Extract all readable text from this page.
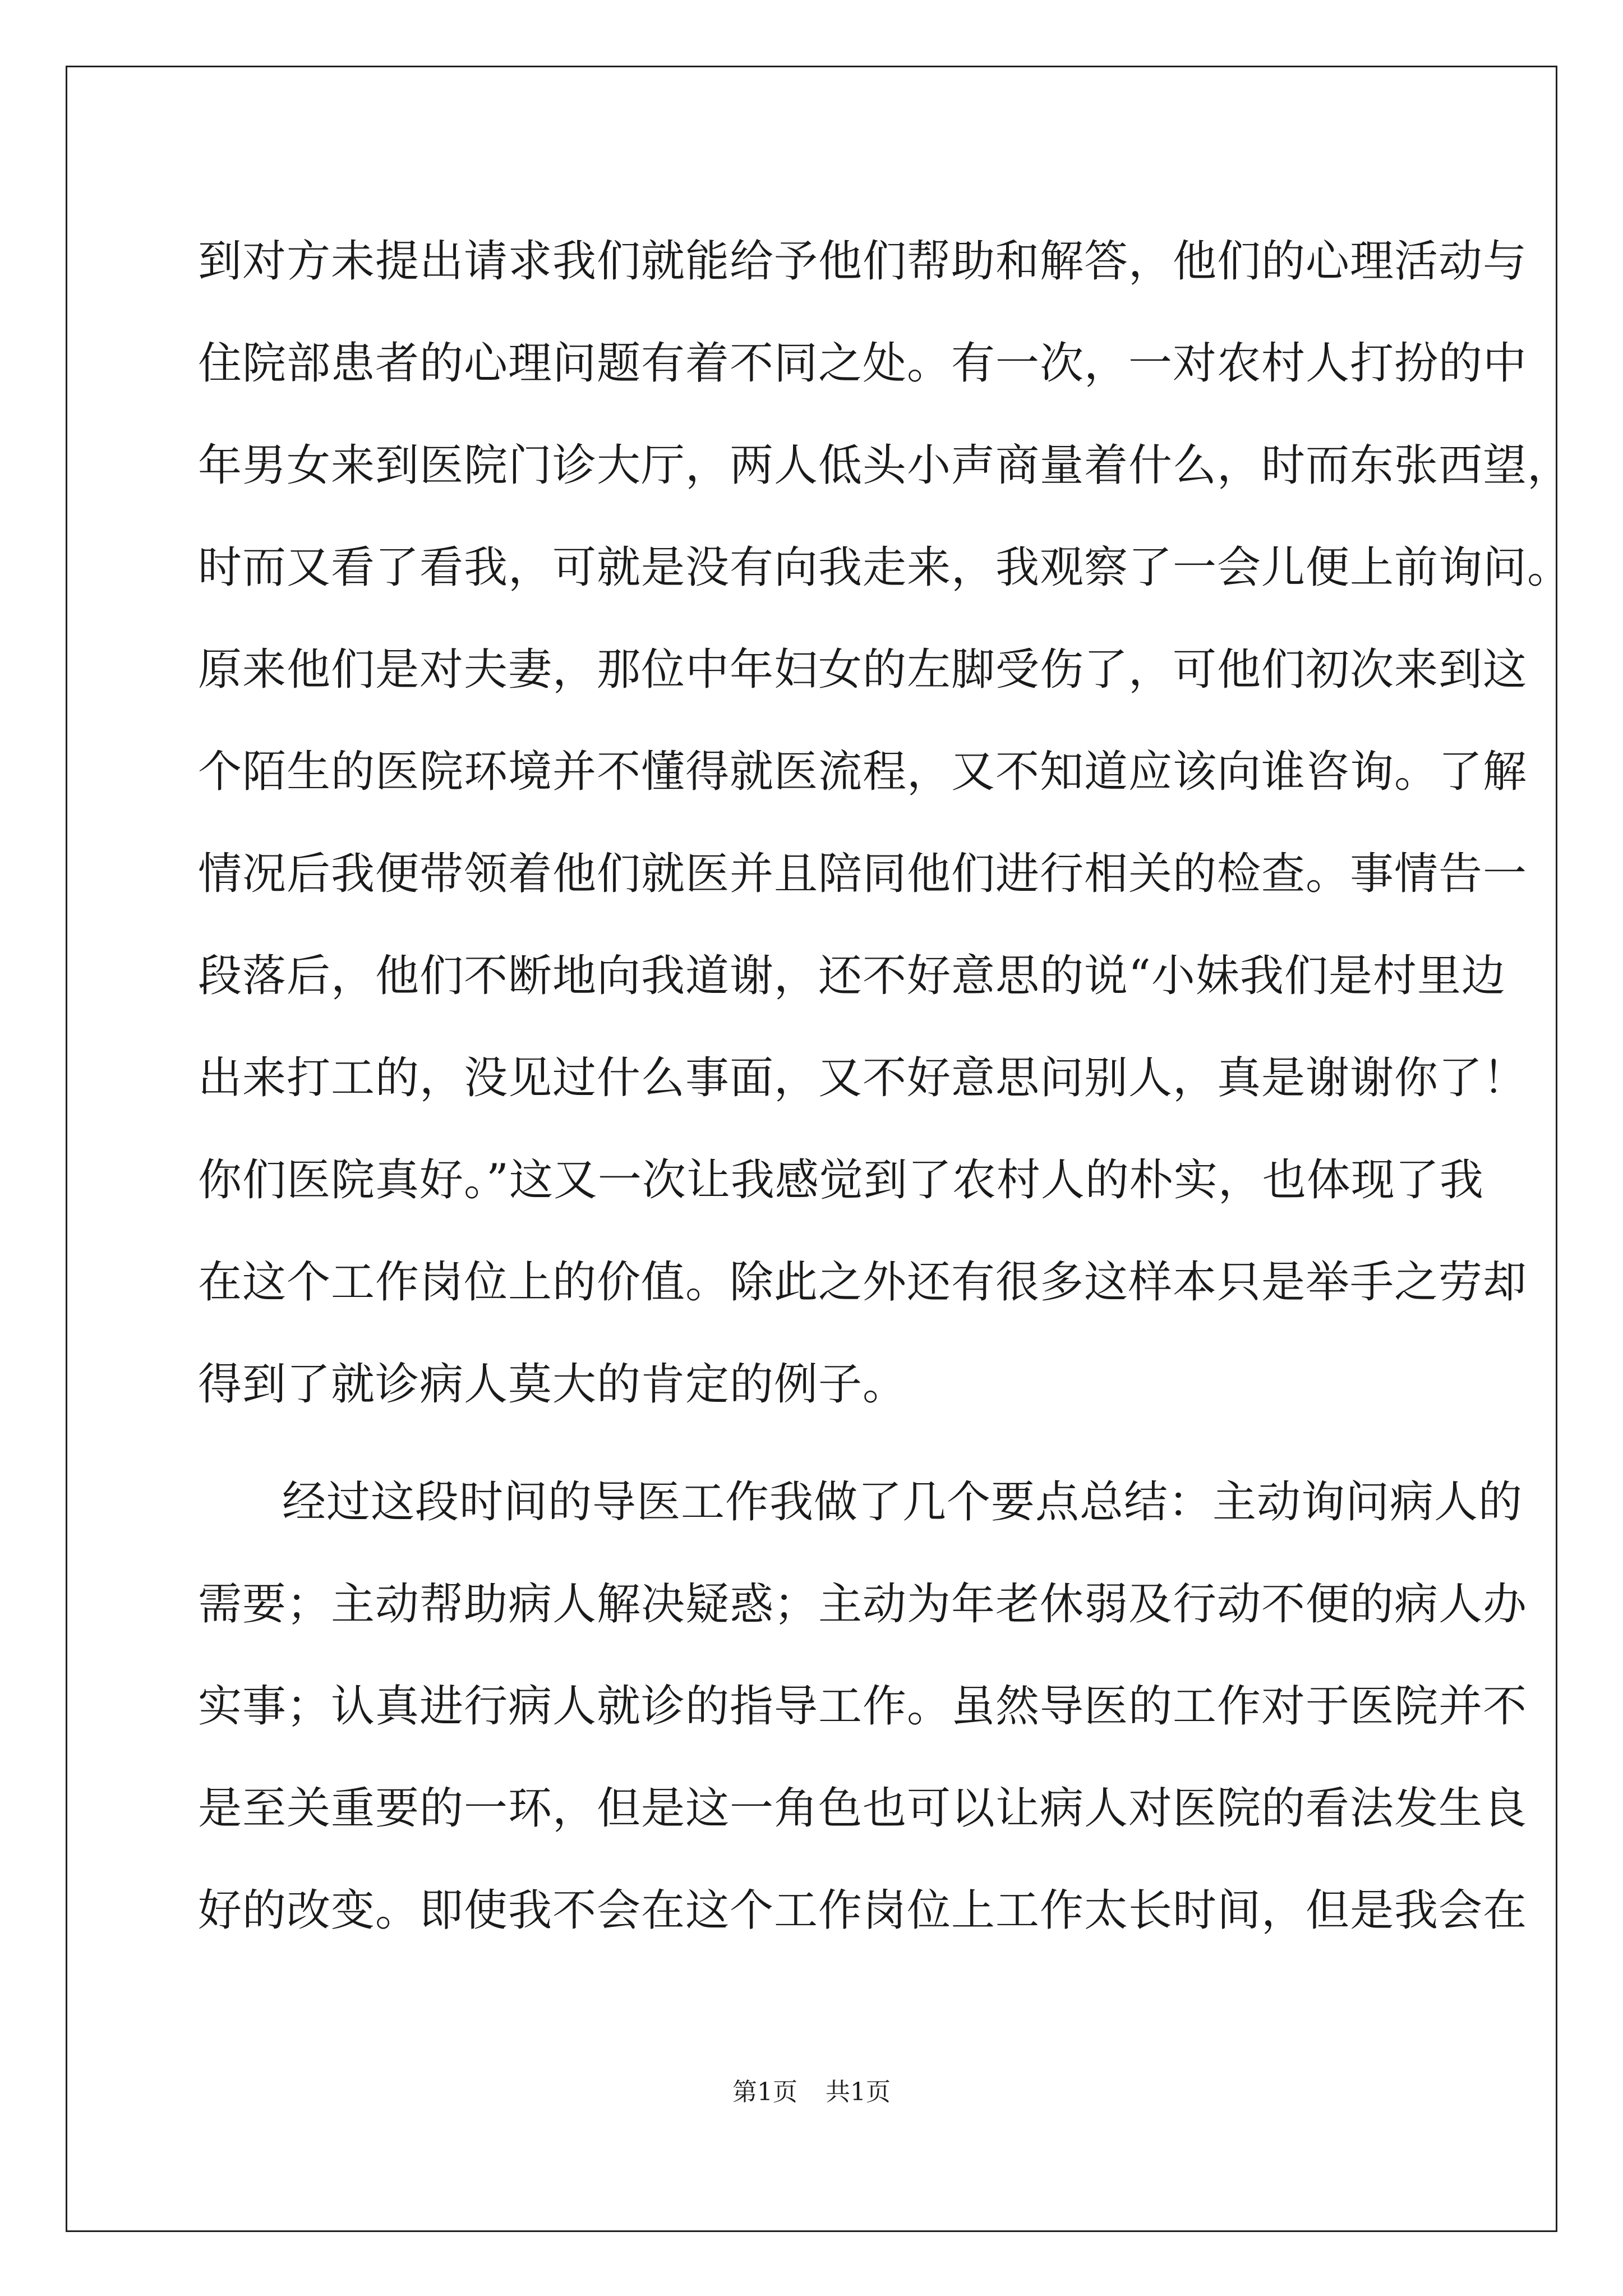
到对方未提出请求我们就能给予他们帮助和解答，他们的心理活动与
住院部患者的心理问题有着不同之处。有一次，一对农村人打扮的中
年男女来到医院门诊大厅，两人低头小声商量着什么，时而东张西望，
时而又看了看我，可就是没有向我走来，我观察了一会儿便上前询问。
原来他们是对夫妻，那位中年妇女的左脚受伤了，可他们初次来到这
个陌生的医院环境并不懂得就医流程，又不知道应该向谁咨询。了解
情况后我便带领着他们就医并且陪同他们进行相关的检查。事情告一
段落后，他们不断地向我道谢，还不好意思的说“小妹我们是村里边
出来打工的，没见过什么事面，又不好意思问别人，真是谢谢你了！
你们医院真好。”这又一次让我感觉到了农村人的朴实，也体现了我
在这个工作岗位上的价值。除此之外还有很多这样本只是举手之劳却
得到了就诊病人莫大的肯定的例子。
经过这段时间的导医工作我做了几个要点总结：主动询问病人的
需要；主动帮助病人解决疑惑；主动为年老休弱及行动不便的病人办
实事；认真进行病人就诊的指导工作。虽然导医的工作对于医院并不
是至关重要的一环，但是这一角色也可以让病人对医院的看法发生良
好的改变。即使我不会在这个工作岗位上工作太长时间，但是我会在
第1页 共1页
